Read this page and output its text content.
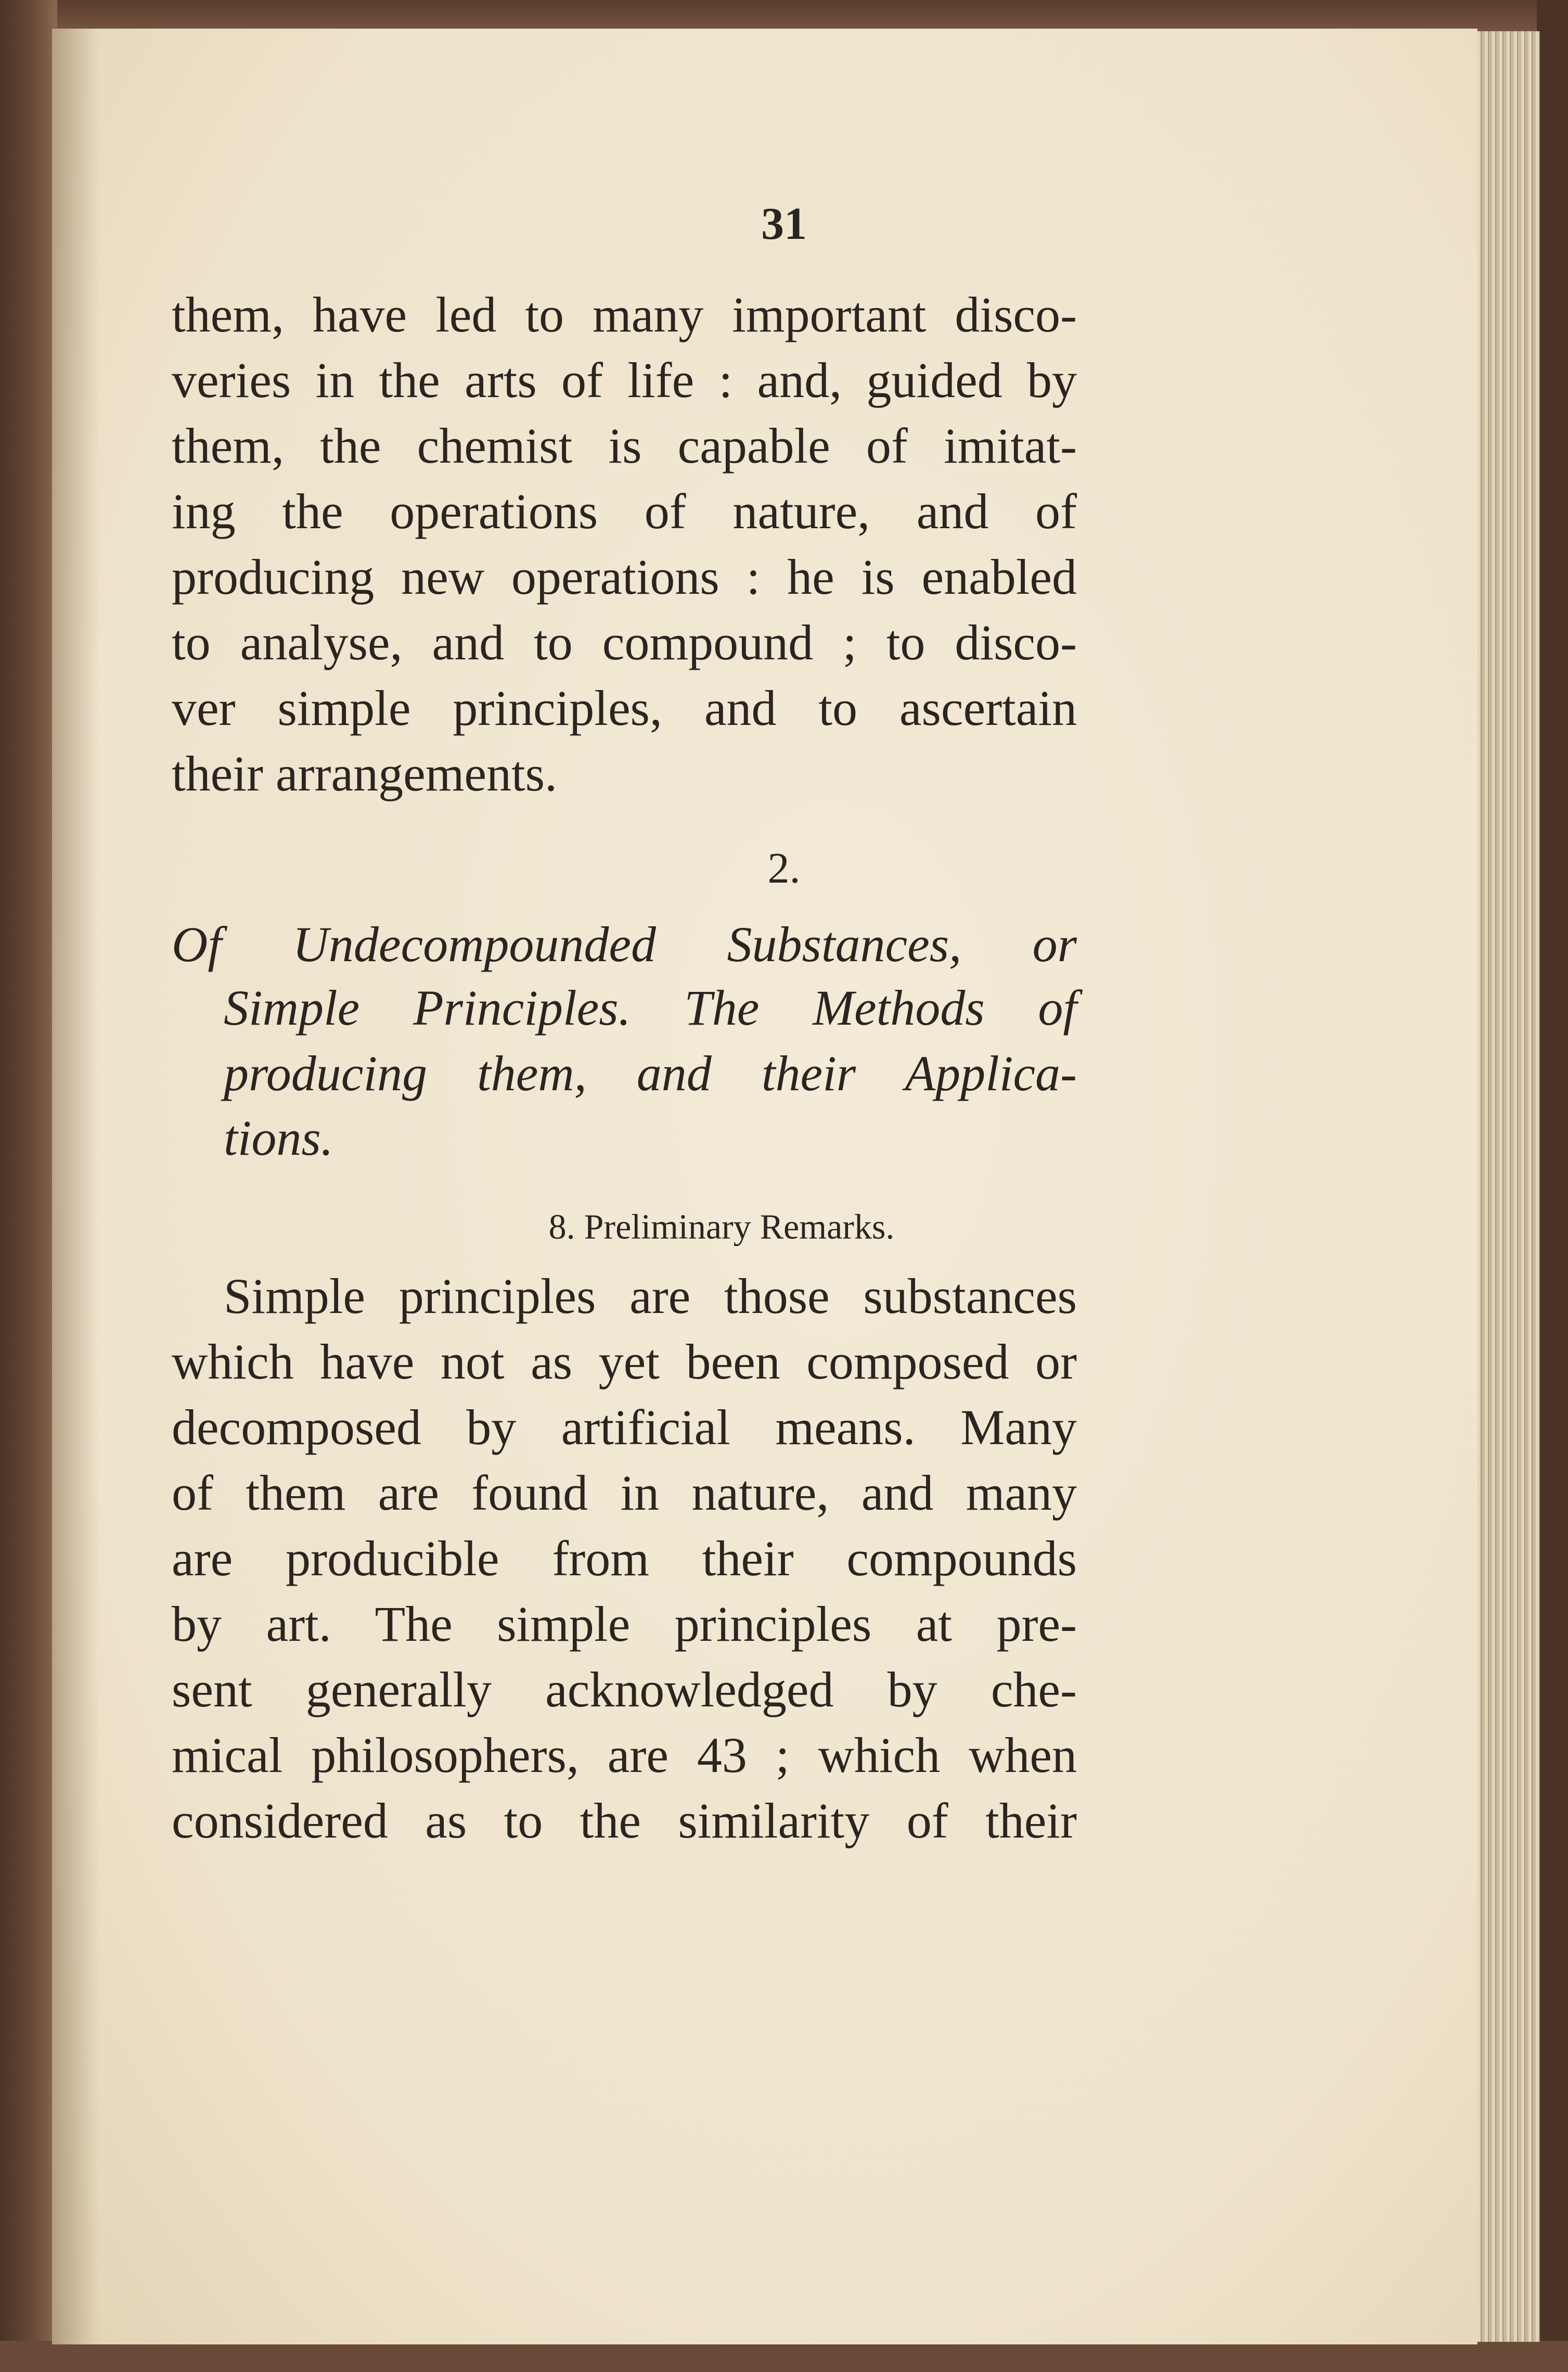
31
them, have led to many important disco-
veries in the arts of life : and, guided by
them, the chemist is capable of imitat-
ing the operations of nature, and of
producing new operations : he is enabled
to analyse, and to compound ; to disco-
ver simple principles, and to ascertain
their arrangements.
2.
Of Undecompounded Substances, or
Simple Principles. The Methods of
producing them, and their Applica-
tions.
8. Preliminary Remarks.
Simple principles are those substances
which have not as yet been composed or
decomposed by artificial means. Many
of them are found in nature, and many
are producible from their compounds
by art. The simple principles at pre-
sent generally acknowledged by che-
mical philosophers, are 43 ; which when
considered as to the similarity of their
